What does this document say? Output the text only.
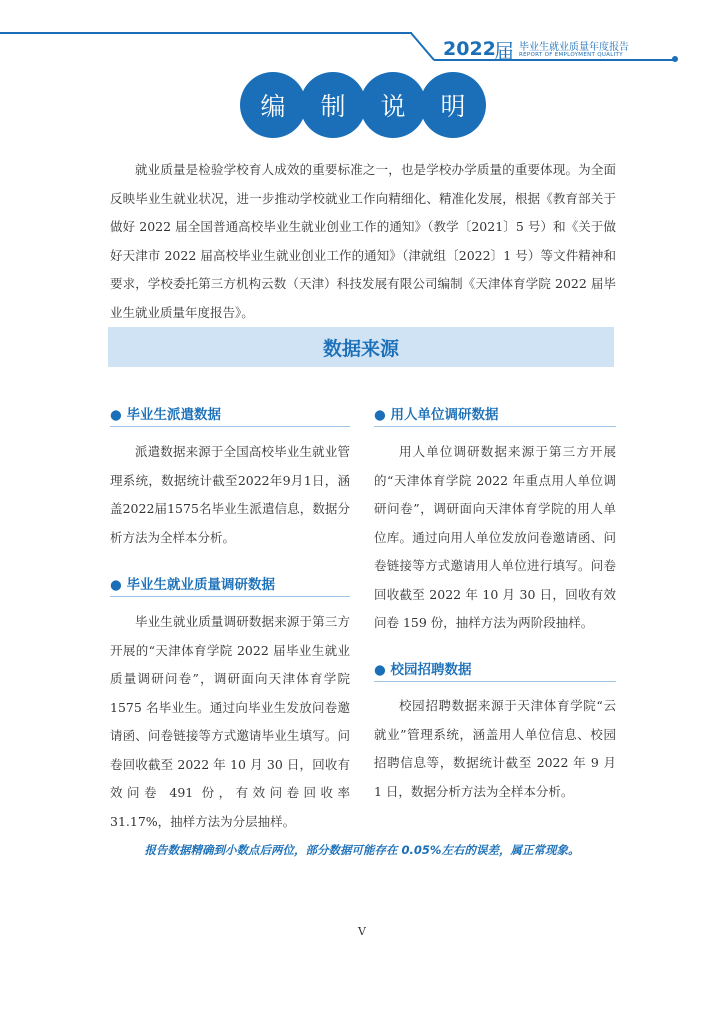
2022
届 毕业生就业质量年度报告
REPORT OF EMPLOYMENT QUALITY
编	制	说	明

就业质量是检验学校育人成效的重要标准之一，也是学校办学质量的重要体现。为全面反映毕业生就业状况，进一步推动学校就业工作向精细化、精准化发展，根据《教育部关于做好 2022 届全国普通高校毕业生就业创业工作的通知》（教学〔2021〕5 号）和《关于做好天津市 2022 届高校毕业生就业创业工作的通知》（津就组〔2022〕1 号）等文件精神和要求，学校委托第三方机构云数（天津）科技发展有限公司编制《天津体育学院 2022 届毕业生就业质量年度报告》。

数据来源
● 毕业生派遣数据

派遣数据来源于全国高校毕业生就业管理系统，数据统计截至2022年9月1日，涵盖2022届1575名毕业生派遣信息，数据分析方法为全样本分析。

● 毕业生就业质量调研数据

毕业生就业质量调研数据来源于第三方开展的“天津体育学院 2022 届毕业生就业质量调研问卷”，调研面向天津体育学院 1575 名毕业生。通过向毕业生发放问卷邀请函、问卷链接等方式邀请毕业生填写。问卷回收截至 2022 年 10 月 30 日，回收有效问卷 491 份，有效问卷回收率 31.17%，抽样方法为分层抽样。

● 用人单位调研数据

用人单位调研数据来源于第三方开展的“天津体育学院 2022 年重点用人单位调研问卷”，调研面向天津体育学院的用人单位库。通过向用人单位发放问卷邀请函、问卷链接等方式邀请用人单位进行填写。问卷回收截至 2022 年 10 月 30 日，回收有效问卷 159 份，抽样方法为两阶段抽样。

● 校园招聘数据

校园招聘数据来源于天津体育学院“云就业”管理系统，涵盖用人单位信息、校园招聘信息等，数据统计截至 2022 年 9 月 1 日，数据分析方法为全样本分析。

报告数据精确到小数点后两位，部分数据可能存在 0.05%左右的误差，属正常现象。
V
